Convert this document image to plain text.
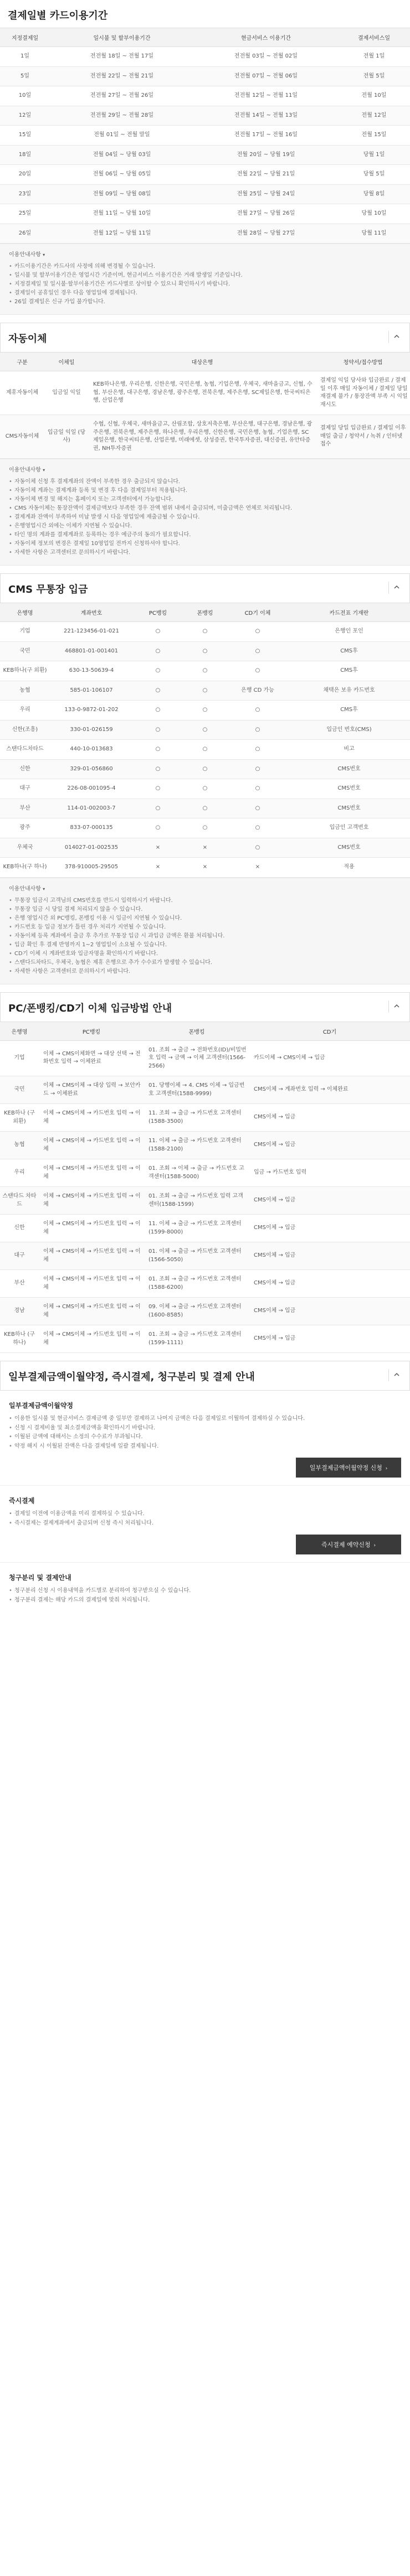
결제일별 카드이용기간
지정결제일	일시불 및 할부이용기간	현금서비스 이용기간	결제서비스일
1일	전전월 18일 ~ 전월 17일	전전월 03일 ~ 전월 02일	전월 1일
5일	전전월 22일 ~ 전월 21일	전전월 07일 ~ 전월 06일	전월 5일
10일	전전월 27일 ~ 전월 26일	전전월 12일 ~ 전월 11일	전월 10일
12일	전전월 29일 ~ 전월 28일	전전월 14일 ~ 전월 13일	전월 12일
15일	전월 01일 ~ 전월 말일	전전월 17일 ~ 전월 16일	전월 15일
18일	전월 04일 ~ 당월 03일	전월 20일 ~ 당월 19일	당월 1일
20일	전월 06일 ~ 당월 05일	전월 22일 ~ 당월 21일	당월 5일
23일	전월 09일 ~ 당월 08일	전월 25일 ~ 당월 24일	당월 8일
25일	전월 11일 ~ 당월 10일	전월 27일 ~ 당월 26일	당월 10일
26일	전월 12일 ~ 당월 11일	전월 28일 ~ 당월 27일	당월 11일
이용안내사항 ▾
• 카드이용기간은 카드사의 사정에 의해 변경될 수 있습니다.
• 일시불 및 할부이용기간은 영업시간 기준이며, 현금서비스 이용기간은 거래 발생일 기준입니다.
• 지정결제일 및 일시불·할부이용기간은 카드사별로 상이할 수 있으니 확인하시기 바랍니다.
• 결제일이 공휴일인 경우 다음 영업일에 결제됩니다.
• 26일 결제일은 신규 가입 불가합니다.
자동이체
구분	이체일	대상은행	청약서/접수방법
제휴자동이체	입금일 익일	KEB하나은행, 우리은행, 신한은행, 국민은행, 농협, 기업은행, 우체국, 새마을금고, 신협, 수협, 부산은행, 대구은행, 경남은행, 광주은행, 전북은행, 제주은행, SC제일은행, 한국씨티은행, 산업은행	결제일 익일 당사와 입금완료 / 결제일 이후 매일 자동이체 / 결제일 당일 재결제 불가 / 통장잔액 부족 시 익일 재시도
CMS자동이체	입금일 익일 (당사)	수협, 신협, 우체국, 새마을금고, 산림조합, 상호저축은행, 부산은행, 대구은행, 경남은행, 광주은행, 전북은행, 제주은행, 하나은행, 우리은행, 신한은행, 국민은행, 농협, 기업은행, SC제일은행, 한국씨티은행, 산업은행, 미래에셋, 삼성증권, 한국투자증권, 대신증권, 유안타증권, NH투자증권	결제일 당일 입금완료 / 결제일 이후 매일 출금 / 청약서 / 녹취 / 인터넷 접수
이용안내사항 ▾
• 자동이체 신청 후 결제계좌의 잔액이 부족한 경우 출금되지 않습니다.
• 자동이체 계좌는 결제계좌 등록 및 변경 후 다음 결제일부터 적용됩니다.
• 자동이체 변경 및 해지는 홈페이지 또는 고객센터에서 가능합니다.
• CMS 자동이체는 통장잔액이 결제금액보다 부족한 경우 잔액 범위 내에서 출금되며, 미출금액은 연체로 처리됩니다.
• 결제계좌 잔액이 부족하여 미납 발생 시 다음 영업일에 재출금될 수 있습니다.
• 은행영업시간 외에는 이체가 지연될 수 있습니다.
• 타인 명의 계좌를 결제계좌로 등록하는 경우 예금주의 동의가 필요합니다.
• 자동이체 정보의 변경은 결제일 10영업일 전까지 신청하셔야 합니다.
• 자세한 사항은 고객센터로 문의하시기 바랍니다.
CMS 무통장 입금
은행명	계좌번호	PC뱅킹	폰뱅킹	CD기 이체	카드전표 기재란
기업	221-123456-01-021	○	○	○	은행인 포인
국민	468801-01-001401	○	○	○	CMS후
KEB하나(구 외환)	630-13-50639-4	○	○	○	CMS후
농협	585-01-106107	○	○	은행 CD 가능	채택은 보유 카드번호
우리	133-0-9872-01-202	○	○	○	CMS후
신한(조흥)	330-01-026159	○	○	○	입금인 번호(CMS)
스탠다드차타드	440-10-013683	○	○	○	비고
신한	329-01-056860	○	○	○	CMS번호
대구	226-08-001095-4	○	○	○	CMS번호
부산	114-01-002003-7	○	○	○	CMS번호
광주	833-07-000135	○	○	○	입금인 고객번호
우체국	014027-01-002535	×	×	○	CMS번호
KEB하나(구 하나)	378-910005-29505	×	×	×	적용
이용안내사항 ▾
• 무통장 입금시 고객님의 CMS번호를 반드시 입력하시기 바랍니다.
• 무통장 입금 시 당일 결제 처리되지 않을 수 있습니다.
• 은행 영업시간 외 PC뱅킹, 폰뱅킹 이용 시 입금이 지연될 수 있습니다.
• 카드번호 등 입금 정보가 틀린 경우 처리가 지연될 수 있습니다.
• 자동이체 등록 계좌에서 출금 후 추가로 무통장 입금 시 과입금 금액은 환불 처리됩니다.
• 입금 확인 후 결제 반영까지 1~2 영업일이 소요될 수 있습니다.
• CD기 이체 시 계좌번호와 입금자명을 확인하시기 바랍니다.
• 스탠다드차타드, 우체국, 농협은 제휴 은행으로 추가 수수료가 발생할 수 있습니다.
• 자세한 사항은 고객센터로 문의하시기 바랍니다.
PC/폰뱅킹/CD기 이체 입금방법 안내
은행명	PC뱅킹	폰뱅킹	CD기
기업	이체 → CMS이체화면 → 대상 선택 → 전화번호 입력 → 이체완료	01. 조회 → 출금 → 전화번호(ID)/비밀번호 입력 → 금액 → 이체 고객센터(1566-2566)	카드이체 → CMS이체 → 입금
국민	이체 → CMS이체 → 대상 입력 → 보안카드 → 이체완료	01. 당행이체 → 4. CMS 이체 → 입금번호 고객센터(1588-9999)	CMS이체 → 계좌번호 입력 → 이체완료
KEB하나 (구 외환)	이체 → CMS이체 → 카드번호 입력 → 이체	11. 조회 → 출금 → 카드번호 고객센터(1588-3500)	CMS이체 → 입금
농협	이체 → CMS이체 → 카드번호 입력 → 이체	11. 이체 → 출금 → 카드번호 고객센터(1588-2100)	CMS이체 → 입금
우리	이체 → CMS이체 → 카드번호 입력 → 이체	01. 조회 → 이체 → 출금 → 카드번호 고객센터(1588-5000)	입금 → 카드번호 입력
스탠다드 차타드	이체 → CMS이체 → 카드번호 입력 → 이체	01. 조회 → 출금 → 카드번호 입력 고객센터(1588-1599)	CMS이체 → 입금
신한	이체 → CMS이체 → 카드번호 입력 → 이체	11. 이체 → 출금 → 카드번호 고객센터(1599-8000)	CMS이체 → 입금
대구	이체 → CMS이체 → 카드번호 입력 → 이체	01. 이체 → 출금 → 카드번호 고객센터(1566-5050)	CMS이체 → 입금
부산	이체 → CMS이체 → 카드번호 입력 → 이체	01. 조회 → 출금 → 카드번호 고객센터(1588-6200)	CMS이체 → 입금
경남	이체 → CMS이체 → 카드번호 입력 → 이체	09. 이체 → 출금 → 카드번호 고객센터(1600-8585)	CMS이체 → 입금
KEB하나 (구 하나)	이체 → CMS이체 → 카드번호 입력 → 이체	01. 조회 → 출금 → 카드번호 고객센터(1599-1111)	CMS이체 → 입금
일부결제금액이월약정, 즉시결제, 청구분리 및 결제 안내
일부결제금액이월약정
• 이용한 일시불 및 현금서비스 결제금액 중 일부만 결제하고 나머지 금액은 다음 결제일로 이월하여 결제하실 수 있습니다.
• 신청 시 결제비율 및 최소결제금액을 확인하시기 바랍니다.
• 이월된 금액에 대해서는 소정의 수수료가 부과됩니다.
• 약정 해지 시 이월된 잔액은 다음 결제일에 일괄 결제됩니다.
일부결제금액이월약정 신청 ›
즉시결제
• 결제일 이전에 이용금액을 미리 결제하실 수 있습니다.
• 즉시결제는 결제계좌에서 출금되며 신청 즉시 처리됩니다.
즉시결제 예약신청 ›
청구분리 및 결제안내
• 청구분리 신청 시 이용내역을 카드별로 분리하여 청구받으실 수 있습니다.
• 청구분리 결제는 해당 카드의 결제일에 맞춰 처리됩니다.
